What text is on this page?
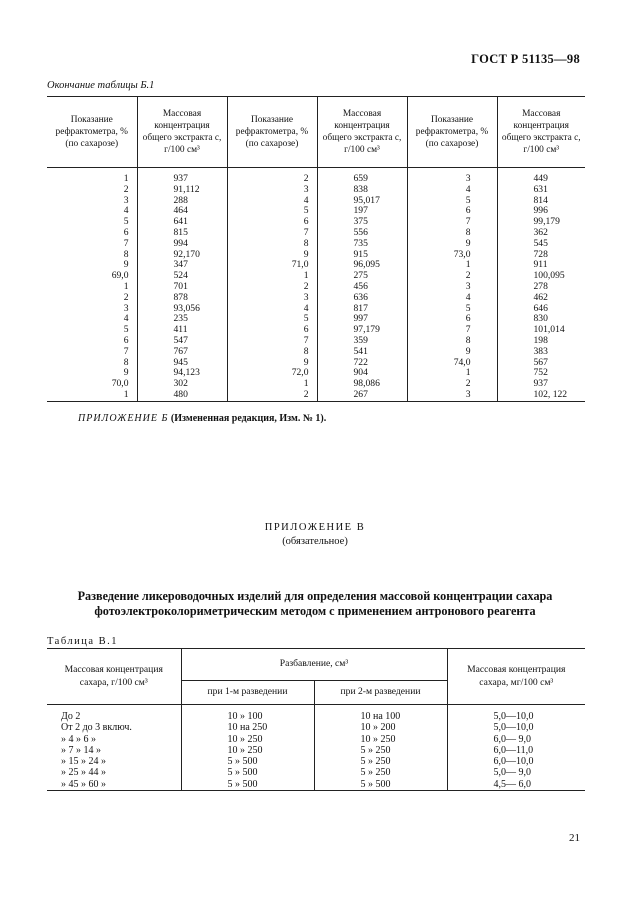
ГОСТ Р 51135—98
Окончание таблицы Б.1
Показание рефрактометра, % (по сахарозе)	Массовая концентрация общего экстракта c, г/100 см³	Показание рефрактометра, % (по сахарозе)	Массовая концентрация общего экстракта c, г/100 см³	Показание рефрактометра, % (по сахарозе)	Массовая концентрация общего экстракта c, г/100 см³
1	937	2	659	3	449
2	91,112	3	838	4	631
3	288	4	95,017	5	814
4	464	5	197	6	996
5	641	6	375	7	99,179
6	815	7	556	8	362
7	994	8	735	9	545
8	92,170	9	915	73,0	728
9	347	71,0	96,095	1	911
69,0	524	1	275	2	100,095
1	701	2	456	3	278
2	878	3	636	4	462
3	93,056	4	817	5	646
4	235	5	997	6	830
5	411	6	97,179	7	101,014
6	547	7	359	8	198
7	767	8	541	9	383
8	945	9	722	74,0	567
9	94,123	72,0	904	1	752
70,0	302	1	98,086	2	937
1	480	2	267	3	102, 122
ПРИЛОЖЕНИЕ Б (Измененная редакция, Изм. № 1).
ПРИЛОЖЕНИЕ В
(обязательное)
Разведение ликероводочных изделий для определения массовой концентрации сахара
фотоэлектроколориметрическим методом с применением антронового реагента
Таблица В.1
Массовая концентрация сахара, г/100 см³	Разбавление, см³		Массовая концентрация сахара, мг/100 см³
	при 1-м разведении	при 2-м разведении	
До 2	10 » 100	10 на 100	5,0—10,0
От 2 до 3 включ.	10 на 250	10 » 200	5,0—10,0
» 4 » 6 »	10 » 250	10 » 250	6,0— 9,0
» 7 » 14 »	10 » 250	5 » 250	6,0—11,0
» 15 » 24 »	5 » 500	5 » 250	6,0—10,0
» 25 » 44 »	5 » 500	5 » 250	5,0— 9,0
» 45 » 60 »	5 » 500	5 » 500	4,5— 6,0
21
